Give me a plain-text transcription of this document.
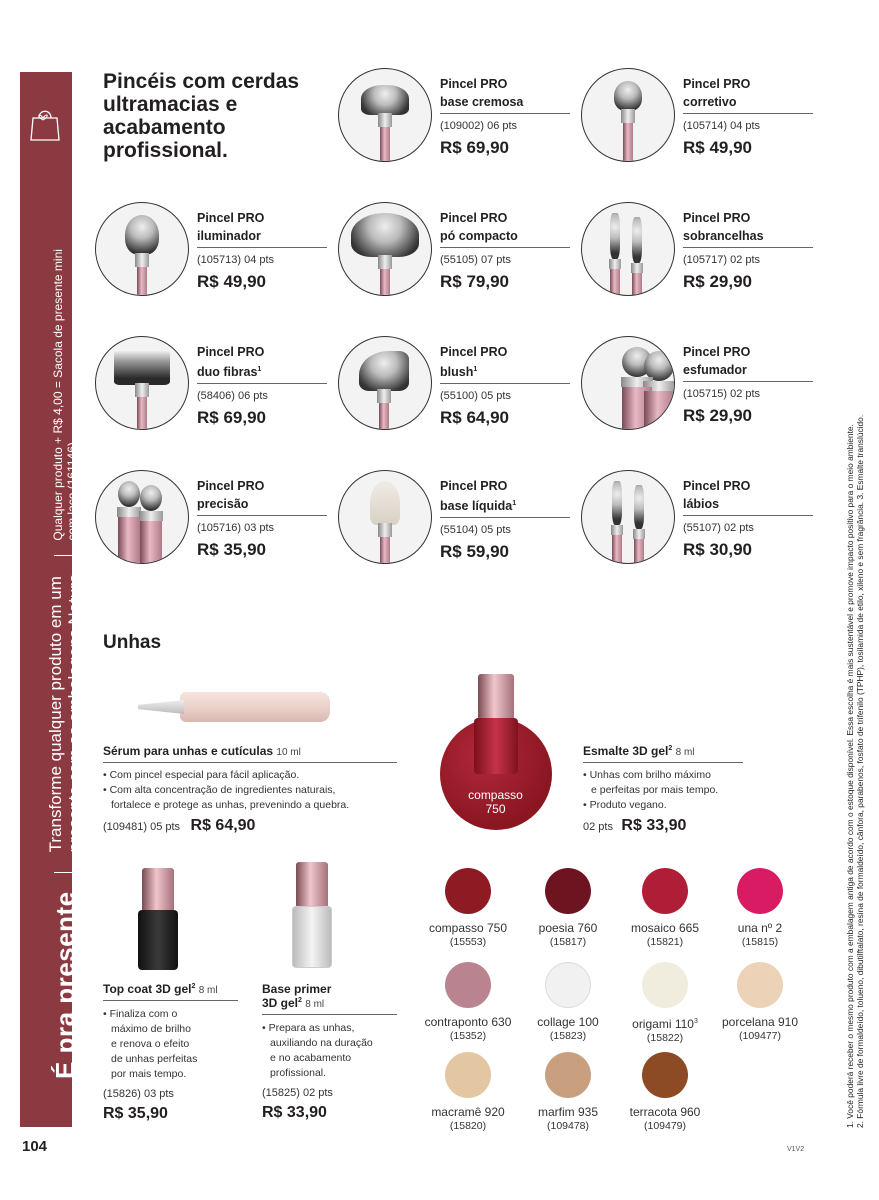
É pra presente
Transforme qualquer produto em um presente com as embalagens Natura
Qualquer produto + R$ 4,00 = Sacola de presente mini com laço (161146)
Pincéis com cerdas ultramacias e acabamento profissional.
Pincel PRO
base cremosa
(109002) 06 pts
R$ 69,90
Pincel PRO
corretivo
(105714) 04 pts
R$ 49,90
Pincel PRO
iluminador
(105713) 04 pts
R$ 49,90
Pincel PRO
pó compacto
(55105) 07 pts
R$ 79,90
Pincel PRO
sobrancelhas
(105717) 02 pts
R$ 29,90
Pincel PRO
duo fibras$^1$
(58406) 06 pts
R$ 69,90
Pincel PRO
blush$^1$
(55100) 05 pts
R$ 64,90
Pincel PRO
esfumador
(105715) 02 pts
R$ 29,90
Pincel PRO
precisão
(105716) 03 pts
R$ 35,90
Pincel PRO
base líquida$^1$
(55104) 05 pts
R$ 59,90
Pincel PRO
lábios
(55107) 02 pts
R$ 30,90
Unhas
Sérum para unhas e cutículas 10 ml
• Com pincel especial para fácil aplicação.
• Com alta concentração de ingredientes naturais,
fortalece e protege as unhas, prevenindo a quebra.
(109481) 05 pts R$ 64,90
compasso
750
Esmalte 3D gel$^2$ 8 ml
• Unhas com brilho máximo
e perfeitas por mais tempo.
• Produto vegano.
02 pts R$ 33,90
Top coat 3D gel$^2$ 8 ml
• Finaliza com o
máximo de brilho
e renova o efeito
de unhas perfeitas
por mais tempo.
(15826) 03 pts
R$ 35,90
Base primer
3D gel$^2$ 8 ml
• Prepara as unhas,
auxiliando na duração
e no acabamento
profissional.
(15825) 02 pts
R$ 33,90
compasso 750
(15553)
poesia 760
(15817)
mosaico 665
(15821)
una nº 2
(15815)
contraponto 630
(15352)
collage 100
(15823)
origami $110^3$
(15822)
porcelana 910
(109477)
macramê 920
(15820)
marfim 935
(109478)
terracota 960
(109479)	1. Você poderá receber o mesmo produto com a embalagem antiga de acordo com o estoque disponível. Essa escolha é mais sustentável e promove impacto positivo para o meio ambiente. 2. Fórmula livre de formaldeído, tolueno, dibutilftalato, resina de formaldeído, cânfora, parabenos, fosfato de trifenilo (TPHP), tosilamida de etilo, xileno e sem fragrância. 3. Esmalte translúcido.
104	V1V2
